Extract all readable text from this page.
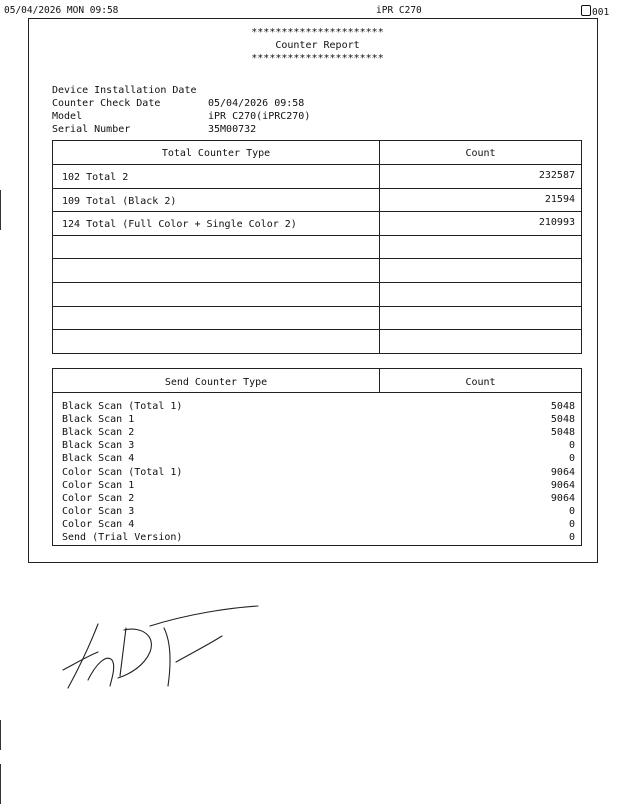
05/04/2026 MON 09:58	iPR C270	001
**********************
Counter Report
**********************
Device Installation Date
Counter Check Date	05/04/2026 09:58
Model	iPR C270(iPRC270)
Serial Number	35M00732
Total Counter Type	Count
102 Total 2	232587
109 Total (Black 2)	21594
124 Total (Full Color + Single Color 2)	210993
Send Counter Type	Count
Black Scan (Total 1)	5048
Black Scan 1	5048
Black Scan 2	5048
Black Scan 3	0
Black Scan 4	0
Color Scan (Total 1)	9064
Color Scan 1	9064
Color Scan 2	9064
Color Scan 3	0
Color Scan 4	0
Send (Trial Version)	0
